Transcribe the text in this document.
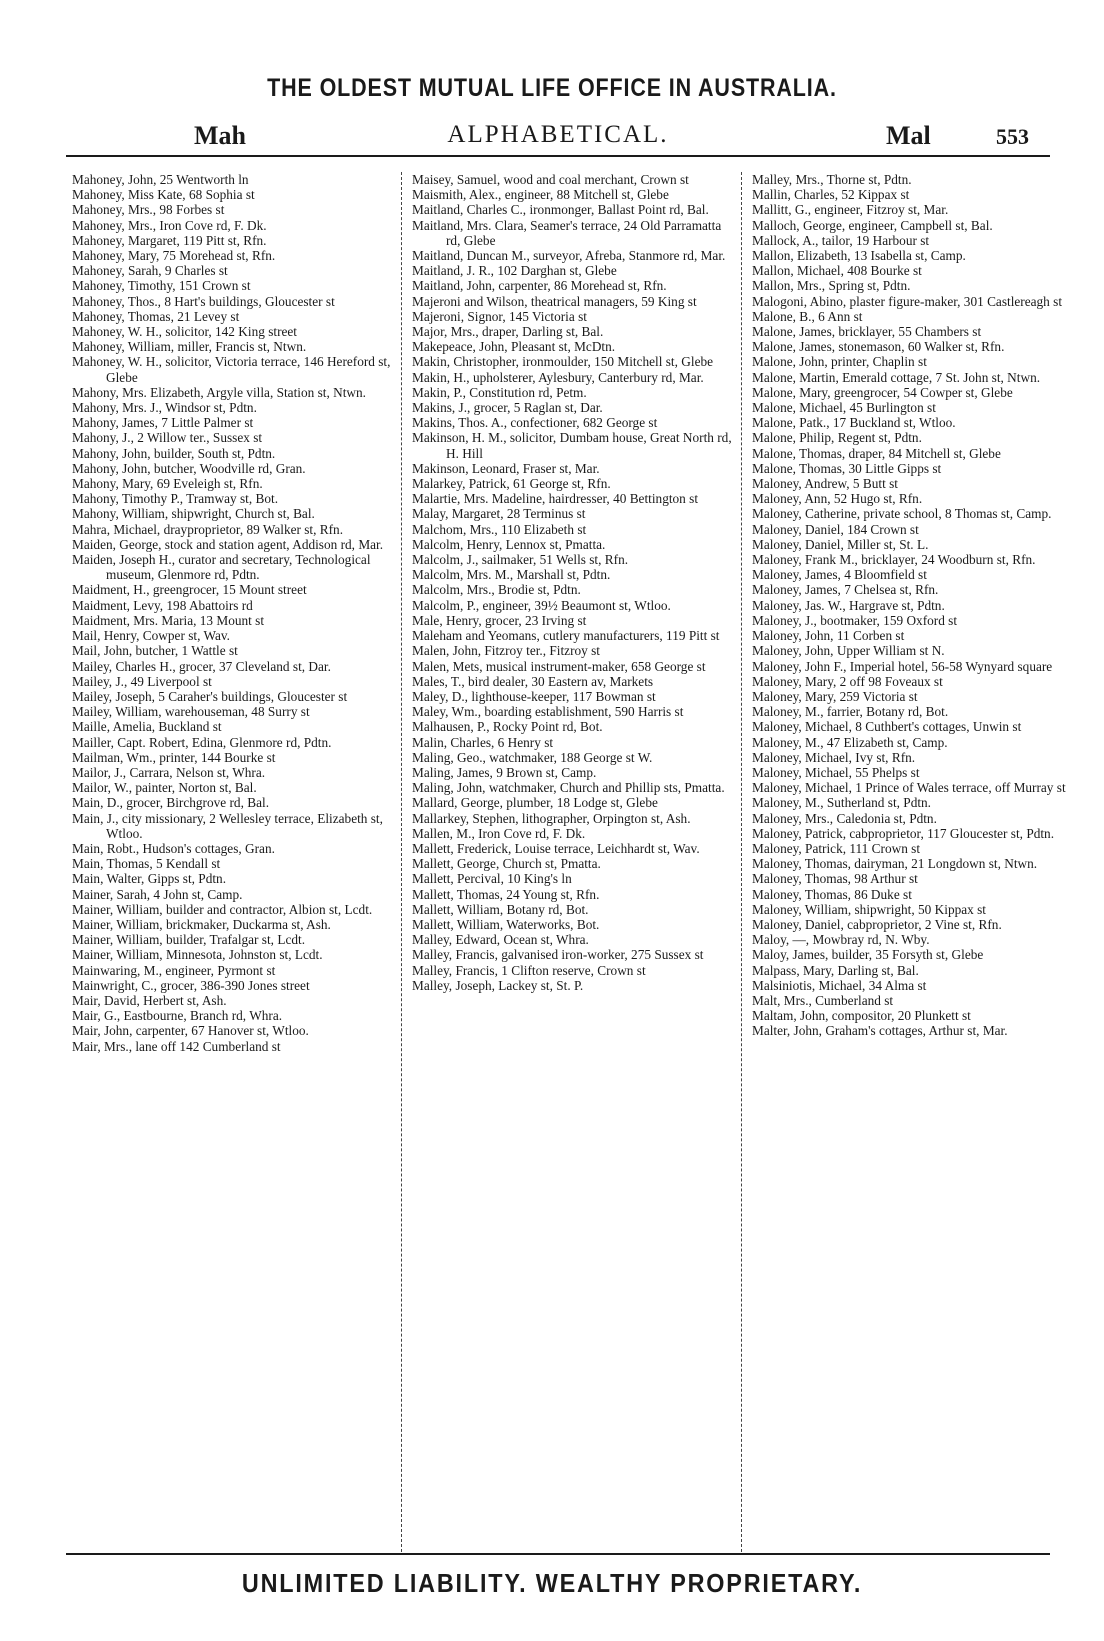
THE OLDEST MUTUAL LIFE OFFICE IN AUSTRALIA.
ALPHABETICAL.
Mah	Mal	553

Mahoney, John, 25 Wentworth ln

Mahoney, Miss Kate, 68 Sophia st

Mahoney, Mrs., 98 Forbes st

Mahoney, Mrs., Iron Cove rd, F. Dk.

Mahoney, Margaret, 119 Pitt st, Rfn.

Mahoney, Mary, 75 Morehead st, Rfn.

Mahoney, Sarah, 9 Charles st

Mahoney, Timothy, 151 Crown st

Mahoney, Thos., 8 Hart's buildings, Gloucester st

Mahoney, Thomas, 21 Levey st

Mahoney, W. H., solicitor, 142 King street

Mahoney, William, miller, Francis st, Ntwn.

Mahoney, W. H., solicitor, Victoria terrace, 146 Hereford st, Glebe

Mahony, Mrs. Elizabeth, Argyle villa, Station st, Ntwn.

Mahony, Mrs. J., Windsor st, Pdtn.

Mahony, James, 7 Little Palmer st

Mahony, J., 2 Willow ter., Sussex st

Mahony, John, builder, South st, Pdtn.

Mahony, John, butcher, Woodville rd, Gran.

Mahony, Mary, 69 Eveleigh st, Rfn.

Mahony, Timothy P., Tramway st, Bot.

Mahony, William, shipwright, Church st, Bal.

Mahra, Michael, drayproprietor, 89 Walker st, Rfn.

Maiden, George, stock and station agent, Addison rd, Mar.

Maiden, Joseph H., curator and secretary, Technological museum, Glenmore rd, Pdtn.

Maidment, H., greengrocer, 15 Mount street

Maidment, Levy, 198 Abattoirs rd

Maidment, Mrs. Maria, 13 Mount st

Mail, Henry, Cowper st, Wav.

Mail, John, butcher, 1 Wattle st

Mailey, Charles H., grocer, 37 Cleveland st, Dar.

Mailey, J., 49 Liverpool st

Mailey, Joseph, 5 Caraher's buildings, Gloucester st

Mailey, William, warehouseman, 48 Surry st

Maille, Amelia, Buckland st

Mailler, Capt. Robert, Edina, Glenmore rd, Pdtn.

Mailman, Wm., printer, 144 Bourke st

Mailor, J., Carrara, Nelson st, Whra.

Mailor, W., painter, Norton st, Bal.

Main, D., grocer, Birchgrove rd, Bal.

Main, J., city missionary, 2 Wellesley terrace, Elizabeth st, Wtloo.

Main, Robt., Hudson's cottages, Gran.

Main, Thomas, 5 Kendall st

Main, Walter, Gipps st, Pdtn.

Mainer, Sarah, 4 John st, Camp.

Mainer, William, builder and contractor, Albion st, Lcdt.

Mainer, William, brickmaker, Duckarma st, Ash.

Mainer, William, builder, Trafalgar st, Lcdt.

Mainer, William, Minnesota, Johnston st, Lcdt.

Mainwaring, M., engineer, Pyrmont st

Mainwright, C., grocer, 386-390 Jones street

Mair, David, Herbert st, Ash.

Mair, G., Eastbourne, Branch rd, Whra.

Mair, John, carpenter, 67 Hanover st, Wtloo.

Mair, Mrs., lane off 142 Cumberland st

Maisey, Samuel, wood and coal merchant, Crown st

Maismith, Alex., engineer, 88 Mitchell st, Glebe

Maitland, Charles C., ironmonger, Ballast Point rd, Bal.

Maitland, Mrs. Clara, Seamer's terrace, 24 Old Parramatta rd, Glebe

Maitland, Duncan M., surveyor, Afreba, Stanmore rd, Mar.

Maitland, J. R., 102 Darghan st, Glebe

Maitland, John, carpenter, 86 Morehead st, Rfn.

Majeroni and Wilson, theatrical managers, 59 King st

Majeroni, Signor, 145 Victoria st

Major, Mrs., draper, Darling st, Bal.

Makepeace, John, Pleasant st, McDtn.

Makin, Christopher, ironmoulder, 150 Mitchell st, Glebe

Makin, H., upholsterer, Aylesbury, Canterbury rd, Mar.

Makin, P., Constitution rd, Petm.

Makins, J., grocer, 5 Raglan st, Dar.

Makins, Thos. A., confectioner, 682 George st

Makinson, H. M., solicitor, Dumbam house, Great North rd, H. Hill

Makinson, Leonard, Fraser st, Mar.

Malarkey, Patrick, 61 George st, Rfn.

Malartie, Mrs. Madeline, hairdresser, 40 Bettington st

Malay, Margaret, 28 Terminus st

Malchom, Mrs., 110 Elizabeth st

Malcolm, Henry, Lennox st, Pmatta.

Malcolm, J., sailmaker, 51 Wells st, Rfn.

Malcolm, Mrs. M., Marshall st, Pdtn.

Malcolm, Mrs., Brodie st, Pdtn.

Malcolm, P., engineer, 39½ Beaumont st, Wtloo.

Male, Henry, grocer, 23 Irving st

Maleham and Yeomans, cutlery manufacturers, 119 Pitt st

Malen, John, Fitzroy ter., Fitzroy st

Malen, Mets, musical instrument-maker, 658 George st

Males, T., bird dealer, 30 Eastern av, Markets

Maley, D., lighthouse-keeper, 117 Bowman st

Maley, Wm., boarding establishment, 590 Harris st

Malhausen, P., Rocky Point rd, Bot.

Malin, Charles, 6 Henry st

Maling, Geo., watchmaker, 188 George st W.

Maling, James, 9 Brown st, Camp.

Maling, John, watchmaker, Church and Phillip sts, Pmatta.

Mallard, George, plumber, 18 Lodge st, Glebe

Mallarkey, Stephen, lithographer, Orpington st, Ash.

Mallen, M., Iron Cove rd, F. Dk.

Mallett, Frederick, Louise terrace, Leichhardt st, Wav.

Mallett, George, Church st, Pmatta.

Mallett, Percival, 10 King's ln

Mallett, Thomas, 24 Young st, Rfn.

Mallett, William, Botany rd, Bot.

Mallett, William, Waterworks, Bot.

Malley, Edward, Ocean st, Whra.

Malley, Francis, galvanised iron-worker, 275 Sussex st

Malley, Francis, 1 Clifton reserve, Crown st

Malley, Joseph, Lackey st, St. P.

Malley, Mrs., Thorne st, Pdtn.

Mallin, Charles, 52 Kippax st

Mallitt, G., engineer, Fitzroy st, Mar.

Malloch, George, engineer, Campbell st, Bal.

Mallock, A., tailor, 19 Harbour st

Mallon, Elizabeth, 13 Isabella st, Camp.

Mallon, Michael, 408 Bourke st

Mallon, Mrs., Spring st, Pdtn.

Malogoni, Abino, plaster figure-maker, 301 Castlereagh st

Malone, B., 6 Ann st

Malone, James, bricklayer, 55 Chambers st

Malone, James, stonemason, 60 Walker st, Rfn.

Malone, John, printer, Chaplin st

Malone, Martin, Emerald cottage, 7 St. John st, Ntwn.

Malone, Mary, greengrocer, 54 Cowper st, Glebe

Malone, Michael, 45 Burlington st

Malone, Patk., 17 Buckland st, Wtloo.

Malone, Philip, Regent st, Pdtn.

Malone, Thomas, draper, 84 Mitchell st, Glebe

Malone, Thomas, 30 Little Gipps st

Maloney, Andrew, 5 Butt st

Maloney, Ann, 52 Hugo st, Rfn.

Maloney, Catherine, private school, 8 Thomas st, Camp.

Maloney, Daniel, 184 Crown st

Maloney, Daniel, Miller st, St. L.

Maloney, Frank M., bricklayer, 24 Woodburn st, Rfn.

Maloney, James, 4 Bloomfield st

Maloney, James, 7 Chelsea st, Rfn.

Maloney, Jas. W., Hargrave st, Pdtn.

Maloney, J., bootmaker, 159 Oxford st

Maloney, John, 11 Corben st

Maloney, John, Upper William st N.

Maloney, John F., Imperial hotel, 56-58 Wynyard square

Maloney, Mary, 2 off 98 Foveaux st

Maloney, Mary, 259 Victoria st

Maloney, M., farrier, Botany rd, Bot.

Maloney, Michael, 8 Cuthbert's cottages, Unwin st

Maloney, M., 47 Elizabeth st, Camp.

Maloney, Michael, Ivy st, Rfn.

Maloney, Michael, 55 Phelps st

Maloney, Michael, 1 Prince of Wales terrace, off Murray st

Maloney, M., Sutherland st, Pdtn.

Maloney, Mrs., Caledonia st, Pdtn.

Maloney, Patrick, cabproprietor, 117 Gloucester st, Pdtn.

Maloney, Patrick, 111 Crown st

Maloney, Thomas, dairyman, 21 Longdown st, Ntwn.

Maloney, Thomas, 98 Arthur st

Maloney, Thomas, 86 Duke st

Maloney, William, shipwright, 50 Kippax st

Maloney, Daniel, cabproprietor, 2 Vine st, Rfn.

Maloy, —, Mowbray rd, N. Wby.

Maloy, James, builder, 35 Forsyth st, Glebe

Malpass, Mary, Darling st, Bal.

Malsiniotis, Michael, 34 Alma st

Malt, Mrs., Cumberland st

Maltam, John, compositor, 20 Plunkett st

Malter, John, Graham's cottages, Arthur st, Mar.

UNLIMITED LIABILITY. WEALTHY PROPRIETARY.
